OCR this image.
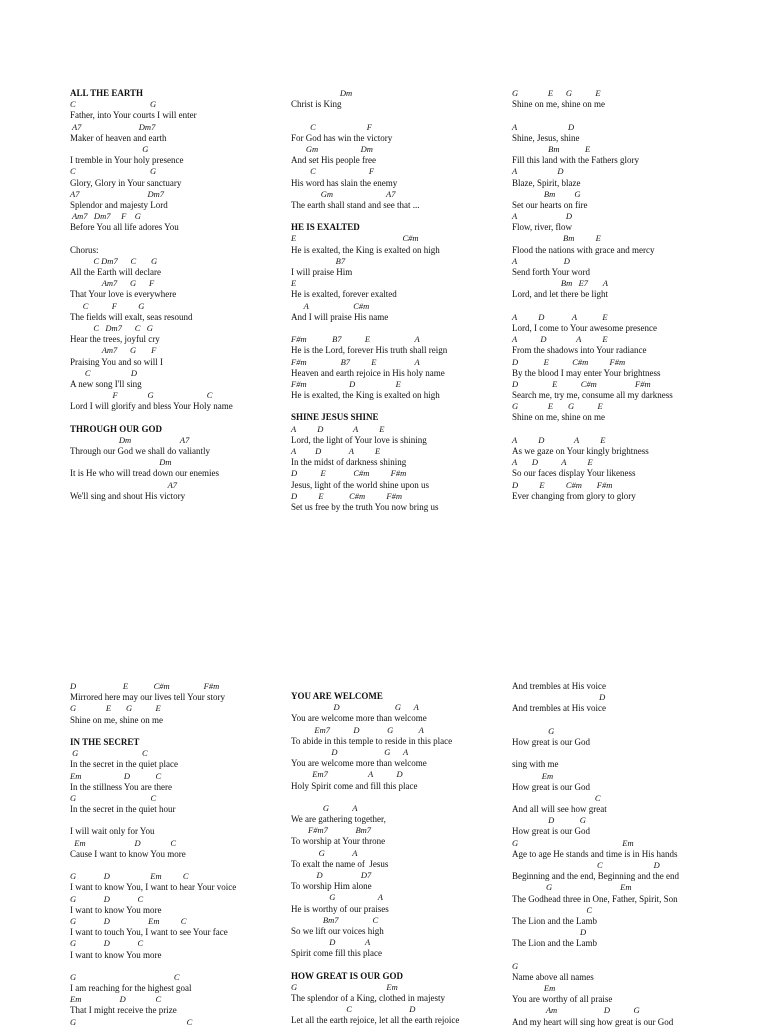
ALL THE EARTH
C                                   G
Father, into Your courts I will enter
A7                           Dm7
Maker of heaven and earth
G
I tremble in Your holy presence
C                                   G
Glory, Glory in Your sanctuary
A7                                Dm7
Splendor and majesty Lord
Am7   Dm7     F    G
Before You all life adores You
Chorus:
C Dm7      C       G
All the Earth will declare
Am7      G      F
That Your love is everywhere
C           F          G
The fields will exalt, seas resound
C   Dm7      C   G
Hear the trees, joyful cry
Am7      G       F
Praising You and so will I
C                   D
A new song I'll sing
F              G                         C
Lord I will glorify and bless Your Holy name
THROUGH OUR GOD
Dm                       A7
Through our God we shall do valiantly
Dm
It is He who will tread down our enemies
A7
We'll sing and shout His victory
Dm
Christ is King
C                        F
For God has win the victory
Gm                    Dm
And set His people free
C                         F
His word has slain the enemy
Gm                         A7
The earth shall stand and see that ...
HE IS EXALTED
E                                                  C#m
He is exalted, the King is exalted on high
B7
I will praise Him
E
He is exalted, forever exalted
A                     C#m
And I will praise His name
F#m            B7           E                     A
He is the Lord, forever His truth shall reign
F#m                B7          E                  A
Heaven and earth rejoice in His holy name
F#m                    D                   E
He is exalted, the King is exalted on high
SHINE JESUS SHINE
A          D              A          E
Lord, the light of Your love is shining
A         D             A          E
In the midst of darkness shining
D           E             C#m          F#m
Jesus, light of the world shine upon us
D          E            C#m          F#m
Set us free by the truth You now bring us
G              E      G           E
Shine on me, shine on me
A                        D
Shine, Jesus, shine
Bm            E
Fill this land with the Fathers glory
A                   D
Blaze, Spirit, blaze
Bm         G
Set our hearts on fire
A                       D
Flow, river, flow
Bm          E
Flood the nations with grace and mercy
A                      D
Send forth Your word
Bm   E7       A
Lord, and let there be light
A          D             A            E
Lord, I come to Your awesome presence
A           D              A          E
From the shadows into Your radiance
D            E           C#m          F#m
By the blood I may enter Your brightness
D                E           C#m                  F#m
Search me, try me, consume all my darkness
G              E       G           E
Shine on me, shine on me
A          D              A          E
As we gaze on Your kingly brightness
A       D           A          E
So our faces display Your likeness
D          E          C#m       F#m
Ever changing from glory to glory
D                      E            C#m                F#m
Mirrored here may our lives tell Your story
G              E       G           E
Shine on me, shine on me
IN THE SECRET
G                              C
In the secret in the quiet place
Em                    D            C
In the stillness You are there
G                                   C
In the secret in the quiet hour
I will wait only for You
Em                       D              C
Cause I want to know You more
G             D                   Em          C
I want to know You, I want to hear Your voice
G             D             C
I want to know You more
G             D                  Em          C
I want to touch You, I want to see Your face
G             D             C
I want to know You more
G                                              C
I am reaching for the highest goal
Em                  D              C
That I might receive the prize
G                                                    C
YOU ARE WELCOME
D                          G      A
You are welcome more than welcome
Em7           D             G            A
To abide in this temple to reside in this place
D                      G      A
You are welcome more than welcome
Em7                   A           D
Holy Spirit come and fill this place
G           A
We are gathering together,
F#m7             Bm7
To worship at Your throne
G             A
To exalt the name of  Jesus
D                  D7
To worship Him alone
G                    A
He is worthy of our praises
Bm7                C
So we lift our voices high
D              A
Spirit come fill this place
HOW GREAT IS OUR GOD
G                                          Em
The splendor of a King, clothed in majesty
C                           D
Let all the earth rejoice, let all the earth rejoice
And trembles at His voice
D
And trembles at His voice
G
How great is our God
sing with me
Em
How great is our God
C
And all will see how great
D            G
How great is our God
G                                                 Em
Age to age He stands and time is in His hands
C                        D
Beginning and the end, Beginning and the end
G                                Em
The Godhead three in One, Father, Spirit, Son
C
The Lion and the Lamb
D
The Lion and the Lamb
G
Name above all names
Em
You are worthy of all praise
Am                      D           G
And my heart will sing how great is our God
